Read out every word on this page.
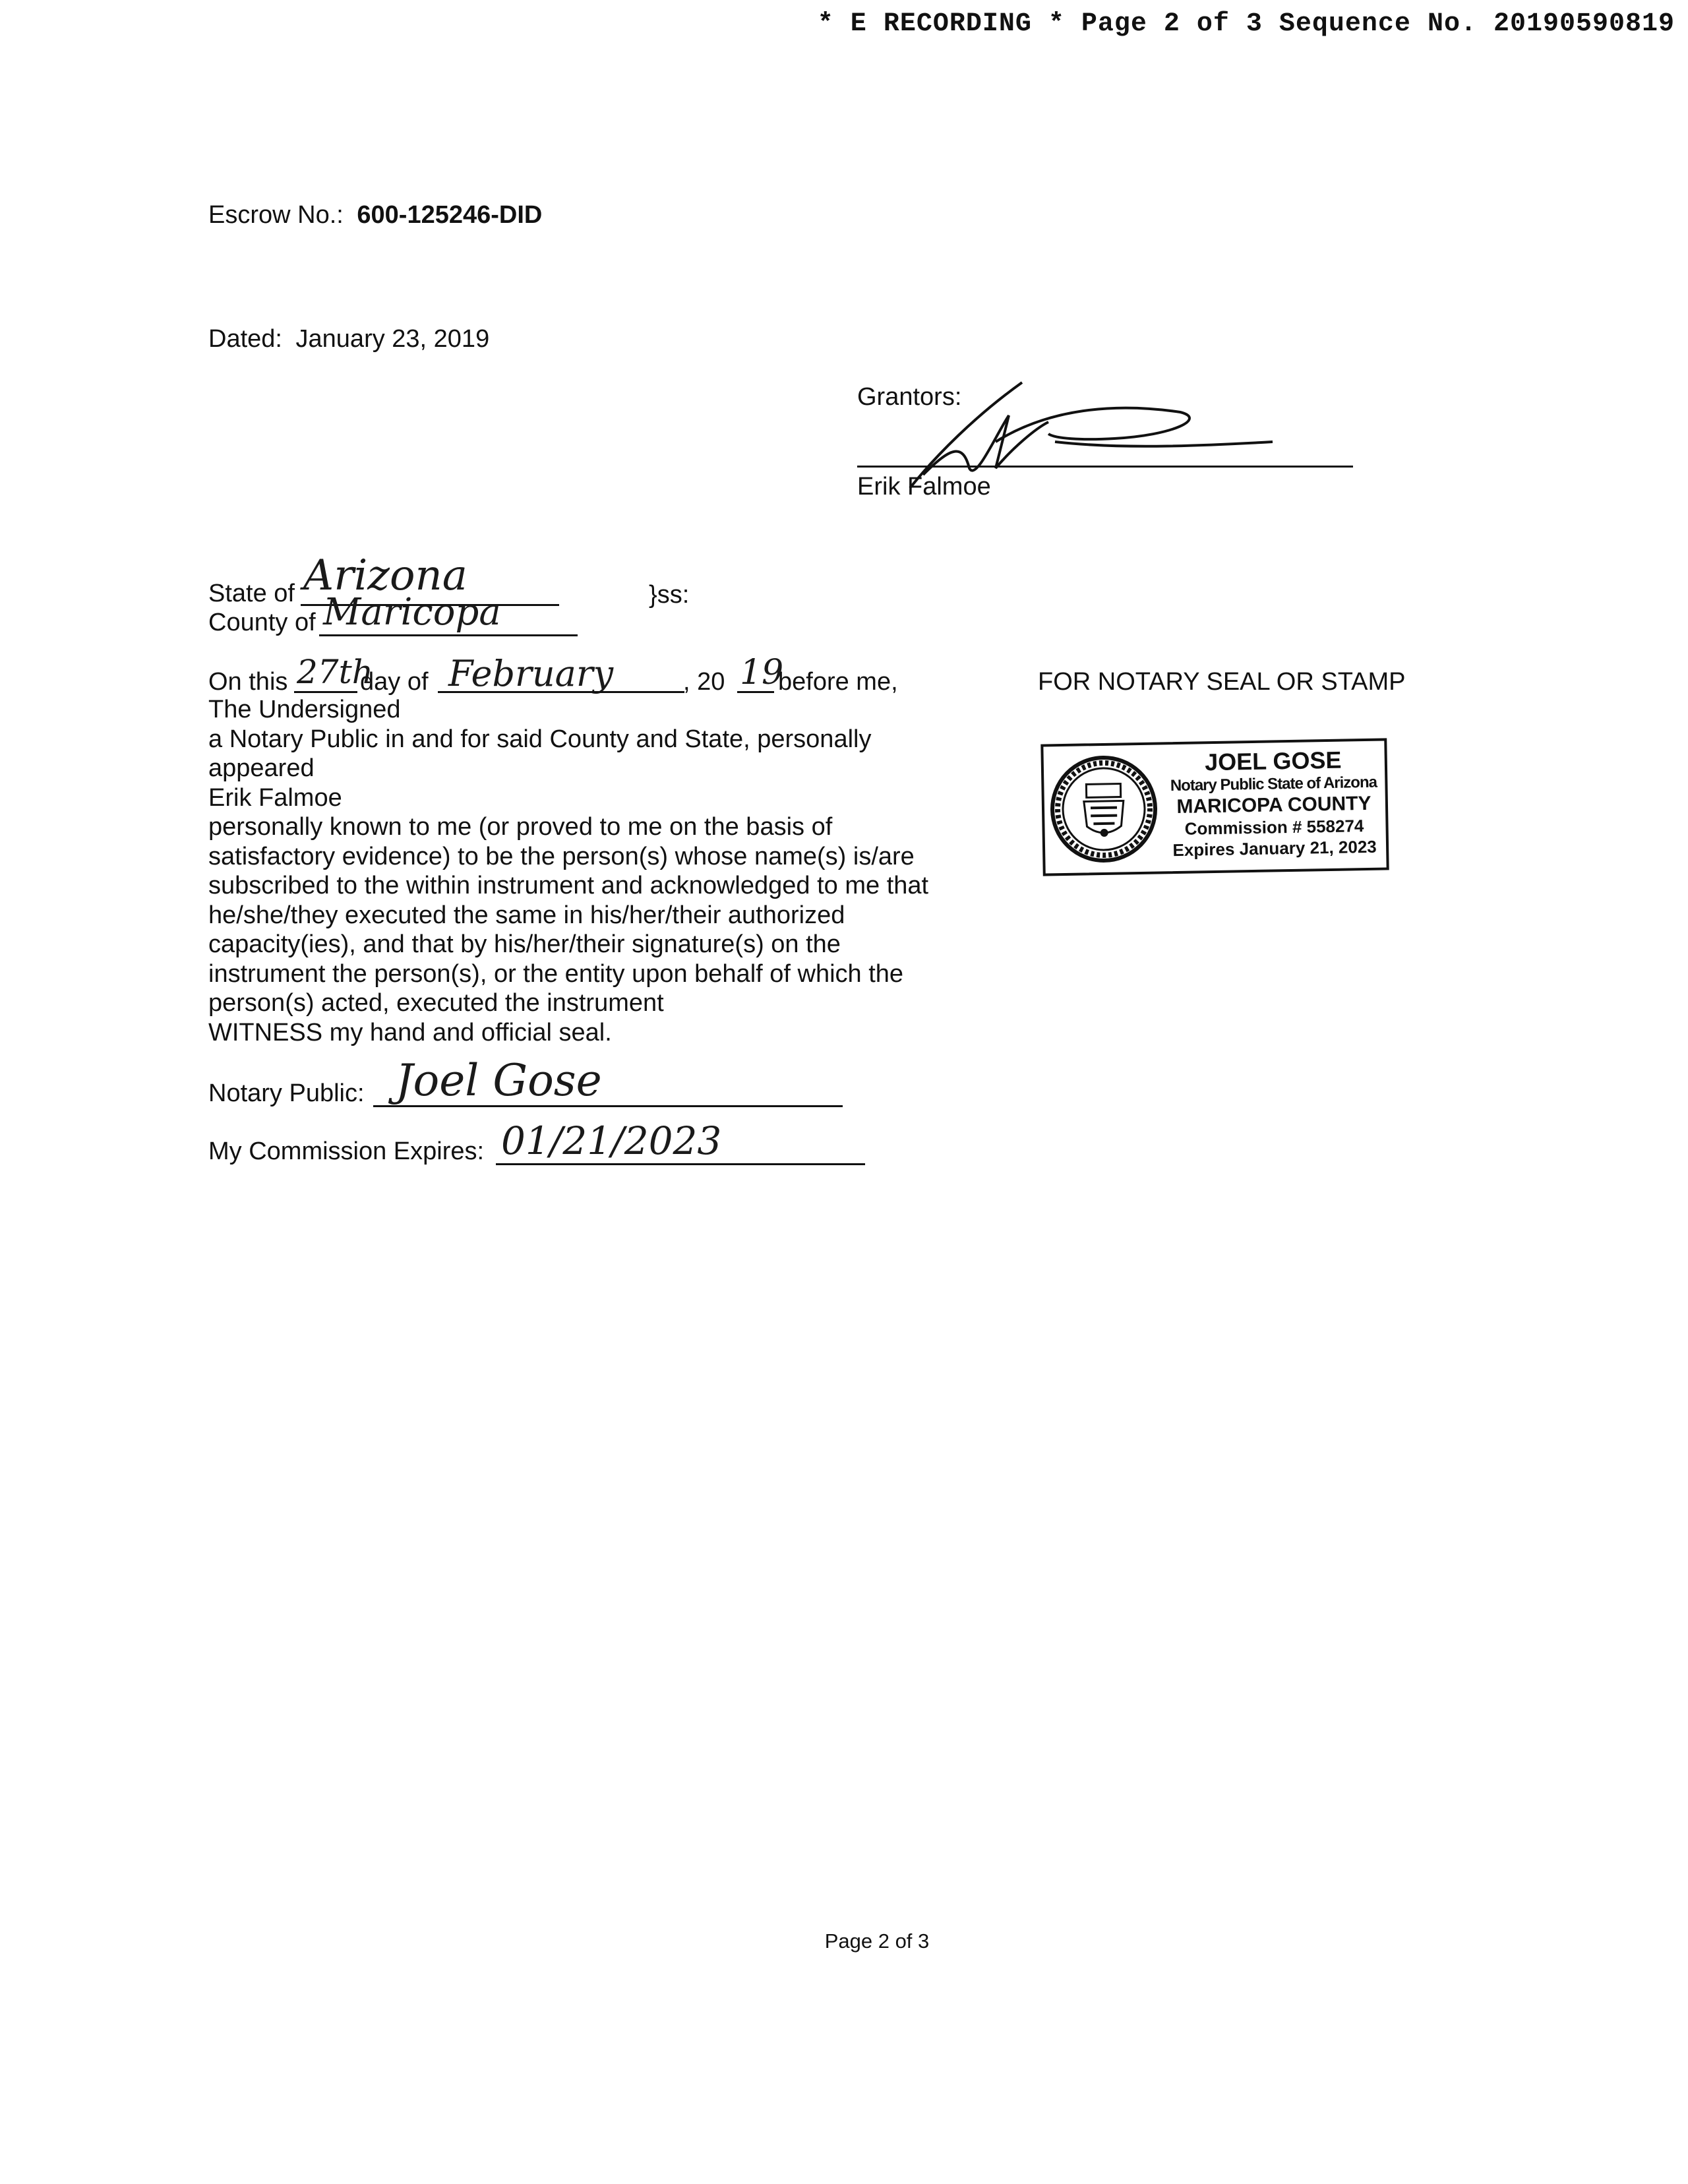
* E RECORDING * Page 2 of 3 Sequence No. 20190590819
Escrow No.: 600-125246-DID
Dated: January 23, 2019
Grantors:
Erik Falmoe
State of Arizona	}ss:
County of Maricopa
On this 27th
day of February	, 20 19
before me,
The Undersigned
a Notary Public in and for said County and State, personally
appeared
Erik Falmoe
personally known to me (or proved to me on the basis of
satisfactory evidence) to be the person(s) whose name(s) is/are
subscribed to the within instrument and acknowledged to me that
he/she/they executed the same in his/her/their authorized
capacity(ies), and that by his/her/their signature(s) on the
instrument the person(s), or the entity upon behalf of which the
person(s) acted, executed the instrument
WITNESS my hand and official seal.
Notary Public: Joel Gose
My Commission Expires: 01/21/2023
FOR NOTARY SEAL OR STAMP
JOEL GOSE
Notary Public State of Arizona
MARICOPA COUNTY
Commission # 558274
Expires January 21, 2023
Page 2 of 3
